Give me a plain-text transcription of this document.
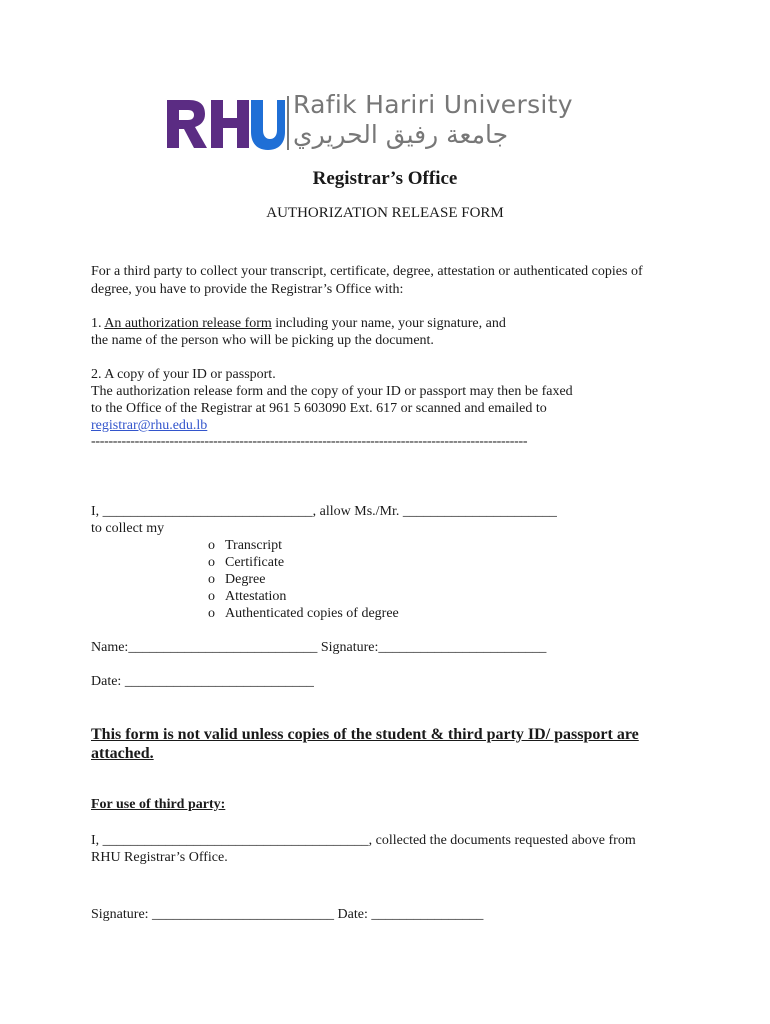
Rafik Hariri University
جامعة رفيق الحريري
Registrar’s Office
AUTHORIZATION RELEASE FORM
For a third party to collect your transcript, certificate, degree, attestation or authenticated copies of
degree, you have to provide the Registrar’s Office with:
1. An authorization release form including your name, your signature, and
the name of the person who will be picking up the document.
2. A copy of your ID or passport.
The authorization release form and the copy of your ID or passport may then be faxed
to the Office of the Registrar at 961 5 603090 Ext. 617 or scanned and emailed to
registrar@rhu.edu.lb
----------------------------------------------------------------------------------------------------
I, ______________________________, allow Ms./Mr. ______________________
to collect my
o Transcript
o Certificate
o Degree
o Attestation
o Authenticated copies of degree
Name:___________________________ Signature:________________________
Date: ___________________________
This form is not valid unless copies of the student & third party ID/ passport are
attached.
For use of third party:
I, ______________________________________, collected the documents requested above from
RHU Registrar’s Office.
Signature: __________________________ Date: ________________
